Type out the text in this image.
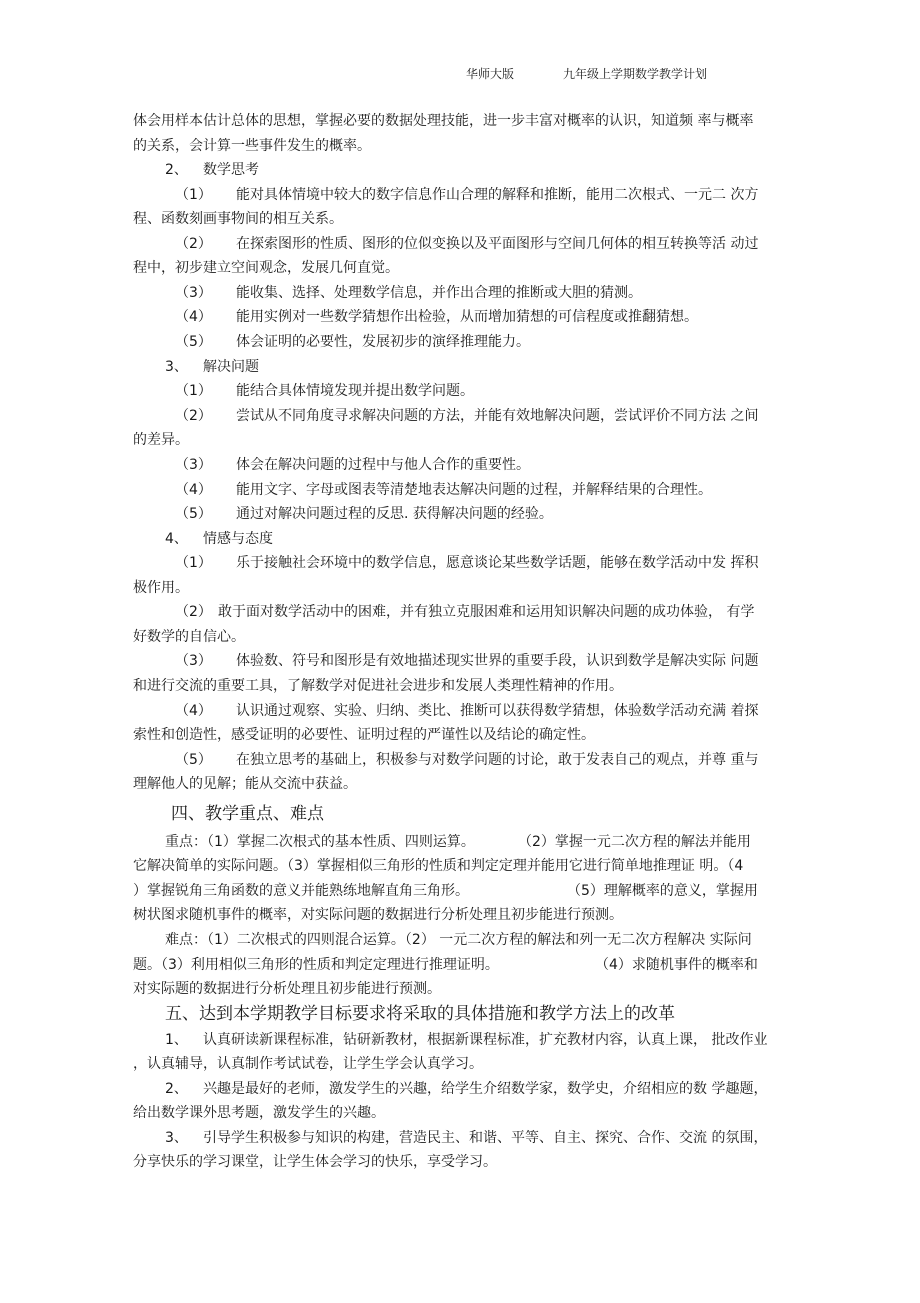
华师大版	九年级上学期数学教学计划
体会用样本估计总体的思想，掌握必要的数据处理技能，进一步丰富对概率的认识，知道频 率与概率
的关系，会计算一些事件发生的概率。
2、 数学思考
（1） 能对具体情境中较大的数字信息作山合理的解释和推断，能用二次根式、一元二 次方
程、函数刻画事物间的相互关系。
（2） 在探索图形的性质、图形的位似变换以及平面图形与空间几何体的相互转换等活 动过
程中，初步建立空间观念，发展几何直觉。
（3） 能收集、选择、处理数学信息，并作出合理的推断或大胆的猜测。
（4） 能用实例对一些数学猜想作出检验，从而增加猜想的可信程度或推翻猜想。
（5） 体会证明的必要性，发展初步的演绎推理能力。
3、 解决问题
（1） 能结合具体情境发现并提出数学问题。
（2） 尝试从不同角度寻求解决问题的方法，并能有效地解决问题，尝试评价不同方法 之间
的差异。
（3） 体会在解决问题的过程中与他人合作的重要性。
（4） 能用文字、字母或图表等清楚地表达解决问题的过程，并解释结果的合理性。
（5） 通过对解决问题过程的反思. 获得解决问题的经验。
4、 情感与态度
（1） 乐于接触社会环境中的数学信息，愿意谈论某些数学话题，能够在数学活动中发 挥积
极作用。
（2） 敢于面对数学活动中的困难，并有独立克服困难和运用知识解决问题的成功体验， 有学
好数学的自信心。
（3） 体验数、符号和图形是有效地描述现实世界的重要手段，认识到数学是解决实际 问题
和进行交流的重要工具，了解数学对促进社会进步和发展人类理性精神的作用。
（4） 认识通过观察、实验、归纳、类比、推断可以获得数学猜想，体验数学活动充满 着探
索性和创造性，感受证明的必要性、证明过程的严谨性以及结论的确定性。
（5） 在独立思考的基础上，积极参与对数学问题的讨论，敢于发表自己的观点，并尊 重与
理解他人的见解；能从交流中获益。
四、教学重点、难点
重点：（1）掌握二次根式的基本性质、四则运算。	（2）掌握一元二次方程的解法并能用
它解决简单的实际问题。（3）掌握相似三角形的性质和判定定理并能用它进行简单地推理证 明。（4
）掌握锐角三角函数的意义并能熟练地解直角三角形。	（5）理解概率的意义，掌握用
树状图求随机事件的概率，对实际问题的数据进行分析处理且初步能进行预测。
难点：（1）二次根式的四则混合运算。（2） 一元二次方程的解法和列一无二次方程解决 实际问
题。（3）利用相似三角形的性质和判定定理进行推理证明。	（4）求随机事件的概率和
对实际题的数据进行分析处理且初步能进行预测。
五、达到本学期教学目标要求将采取的具体措施和教学方法上的改革
1、 认真研读新课程标准，钻研新教材，根据新课程标准，扩充教材内容，认真上课， 批改作业
，认真辅导，认真制作考试试卷，让学生学会认真学习。
2、 兴趣是最好的老师，激发学生的兴趣，给学生介绍数学家，数学史，介绍相应的数 学趣题，
给出数学课外思考题，激发学生的兴趣。
3、 引导学生积极参与知识的构建，营造民主、和谐、平等、自主、探究、合作、交流 的氛围，
分享快乐的学习课堂，让学生体会学习的快乐，享受学习。
